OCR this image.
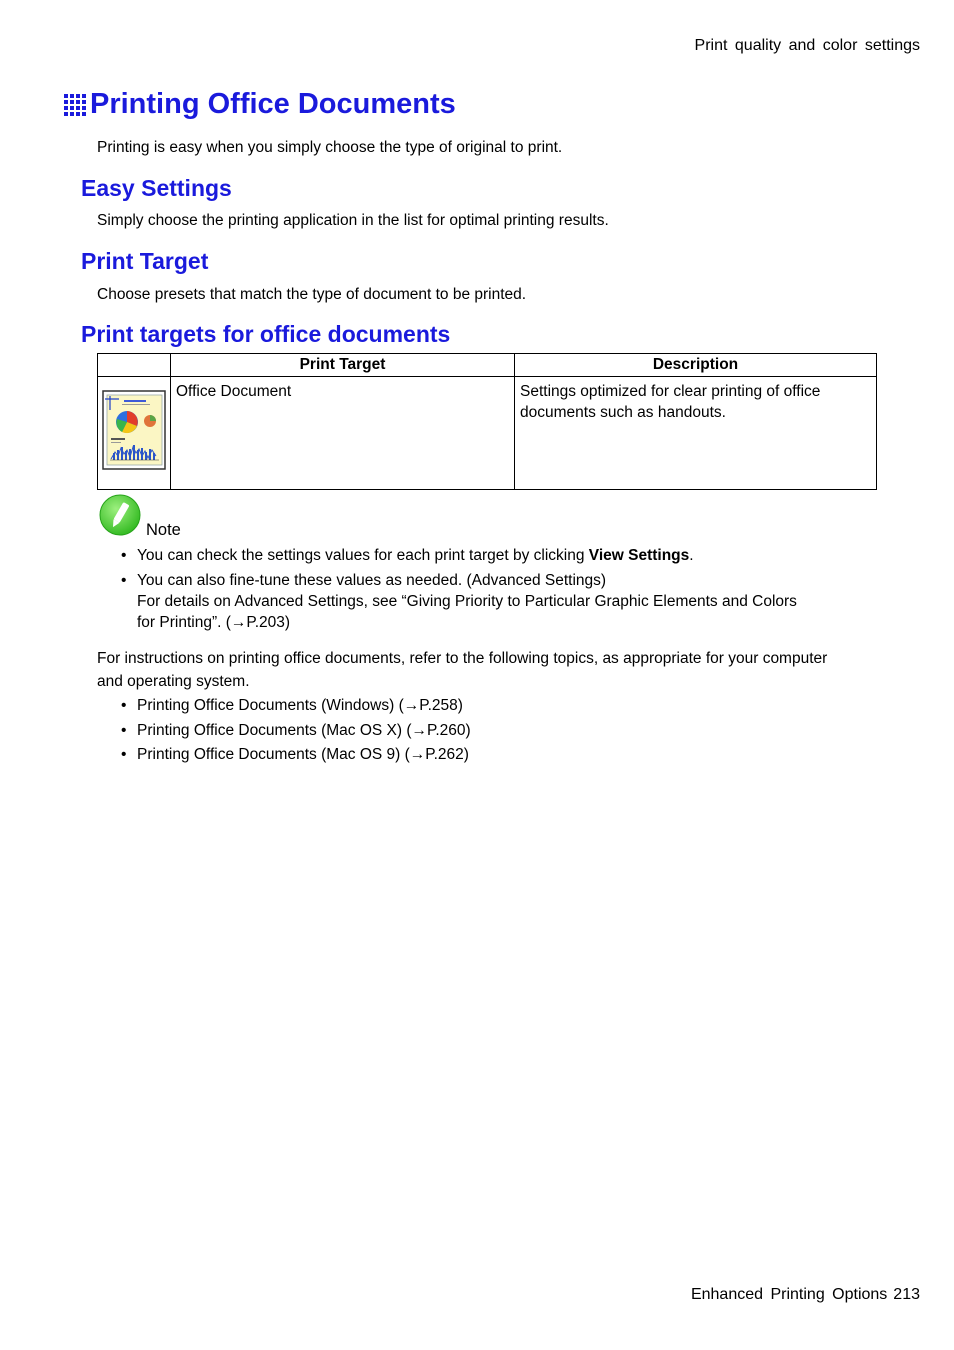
Print quality and color settings
Printing Office Documents
Printing is easy when you simply choose the type of original to print.
Easy Settings
Simply choose the printing application in the list for optimal printing results.
Print Target
Choose presets that match the type of document to be printed.
Print targets for office documents
	Print Target	Description
	Office Document	Settings optimized for clear printing of office documents such as handouts.
Note
• You can check the settings values for each print target by clicking View Settings.
• You can also fine-tune these values as needed. (Advanced Settings)
For details on Advanced Settings, see “Giving Priority to Particular Graphic Elements and Colors
for Printing”. (→P.203)
For instructions on printing office documents, refer to the following topics, as appropriate for your computer
and operating system.
• Printing Office Documents (Windows) (→P.258)
• Printing Office Documents (Mac OS X) (→P.260)
• Printing Office Documents (Mac OS 9) (→P.262)
Enhanced Printing Options 213
